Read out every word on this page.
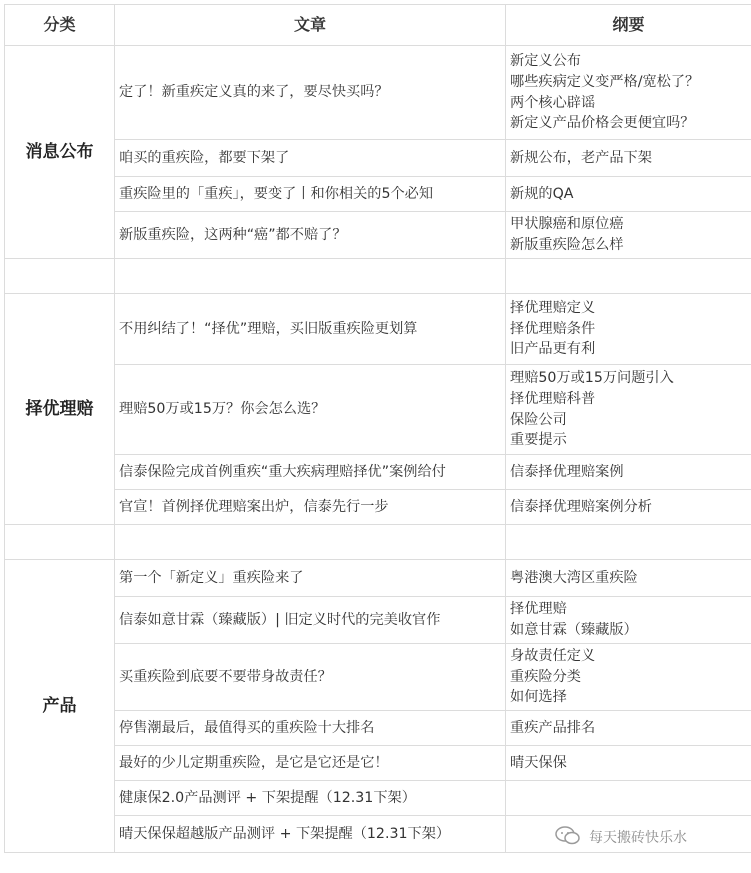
分类	文章	纲要
消息公布	定了！新重疾定义真的来了，要尽快买吗？	新定义公布
哪些疾病定义变严格/宽松了？
两个核心辟谣
新定义产品价格会更便宜吗？

	咱买的重疾险，都要下架了	新规公布，老产品下架

	重疾险里的「重疾」，要变了丨和你相关的5个必知	新规的QA

	新版重疾险，这两种“癌”都不赔了？	甲状腺癌和原位癌
新版重疾险怎么样

择优理赔	不用纠结了！“择优”理赔，买旧版重疾险更划算	择优理赔定义
择优理赔条件
旧产品更有利

	理赔50万或15万？你会怎么选？	理赔50万或15万问题引入
择优理赔科普
保险公司
重要提示

	信泰保险完成首例重疾“重大疾病理赔择优”案例给付	信泰择优理赔案例

	官宣！首例择优理赔案出炉，信泰先行一步	信泰择优理赔案例分析

产品	第一个「新定义」重疾险来了	粤港澳大湾区重疾险

	信泰如意甘霖（臻藏版）| 旧定义时代的完美收官作	择优理赔
如意甘霖（臻藏版）

	买重疾险到底要不要带身故责任？	身故责任定义
重疾险分类
如何选择

	停售潮最后，最值得买的重疾险十大排名	重疾产品排名

	最好的少儿定期重疾险，是它是它还是它！	晴天保保

	健康保2.0产品测评 + 下架提醒（12.31下架）	
	晴天保保超越版产品测评 + 下架提醒（12.31下架）		每天搬砖快乐水
